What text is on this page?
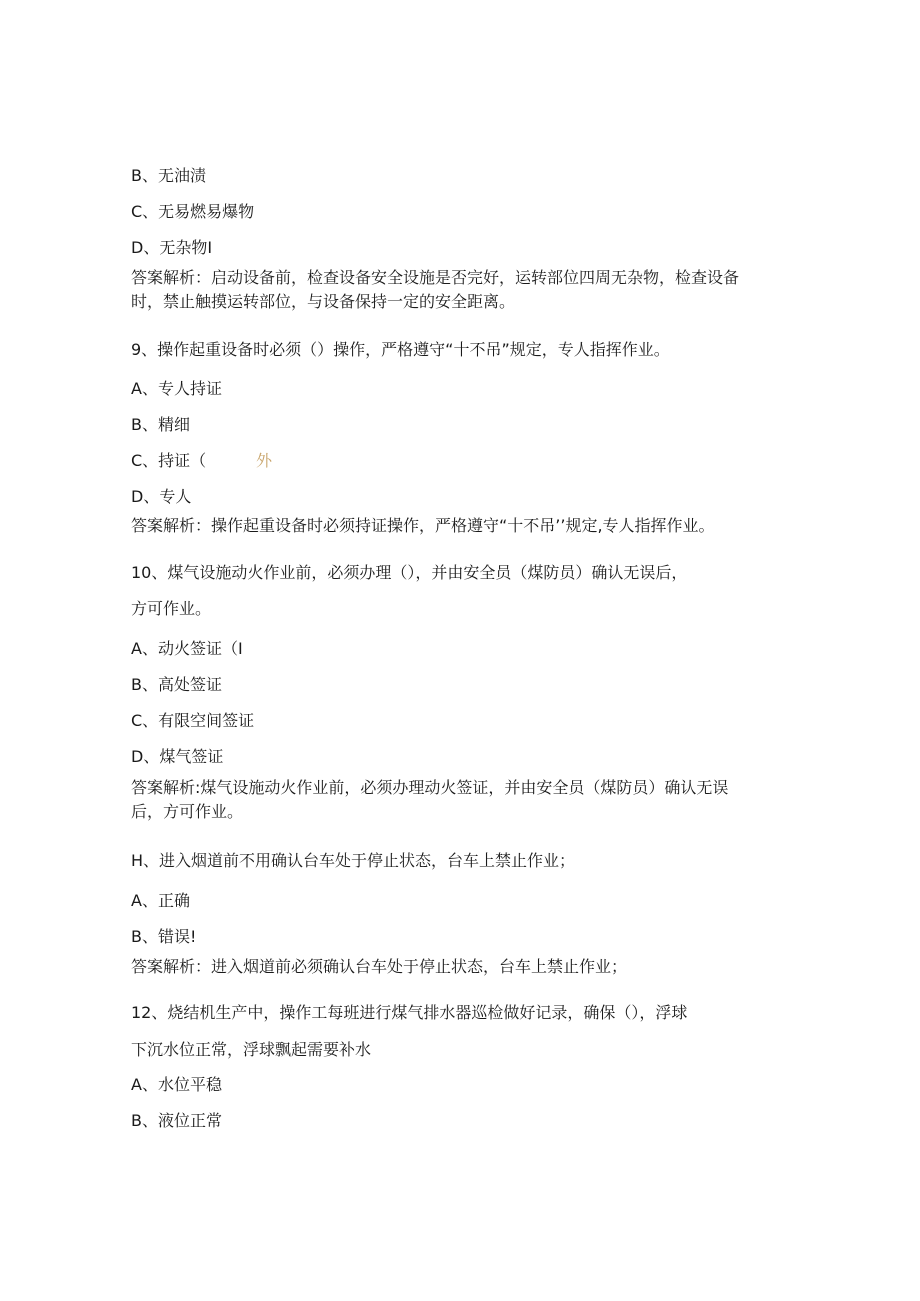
B、无油渍
C、无易燃易爆物
D、无杂物I
答案解析：启动设备前，检查设备安全设施是否完好，运转部位四周无杂物，检查设备
时，禁止触摸运转部位，与设备保持一定的安全距离。
9、操作起重设备时必须（）操作，严格遵守“十不吊”规定，专人指挥作业。
A、专人持证
B、精细
C、持证（	外
D、专人
答案解析：操作起重设备时必须持证操作，严格遵守“十不吊’’规定,专人指挥作业。
10、煤气设施动火作业前，必须办理（），并由安全员（煤防员）确认无误后，
方可作业。
A、动火签证（I
B、高处签证
C、有限空间签证
D、煤气签证
答案解析:煤气设施动火作业前，必须办理动火签证，并由安全员（煤防员）确认无误
后，方可作业。
H、进入烟道前不用确认台车处于停止状态，台车上禁止作业；
A、正确
B、错误!
答案解析：进入烟道前必须确认台车处于停止状态，台车上禁止作业；
12、烧结机生产中，操作工每班进行煤气排水器巡检做好记录，确保（），浮球
下沉水位正常，浮球飘起需要补水
A、水位平稳
B、液位正常
